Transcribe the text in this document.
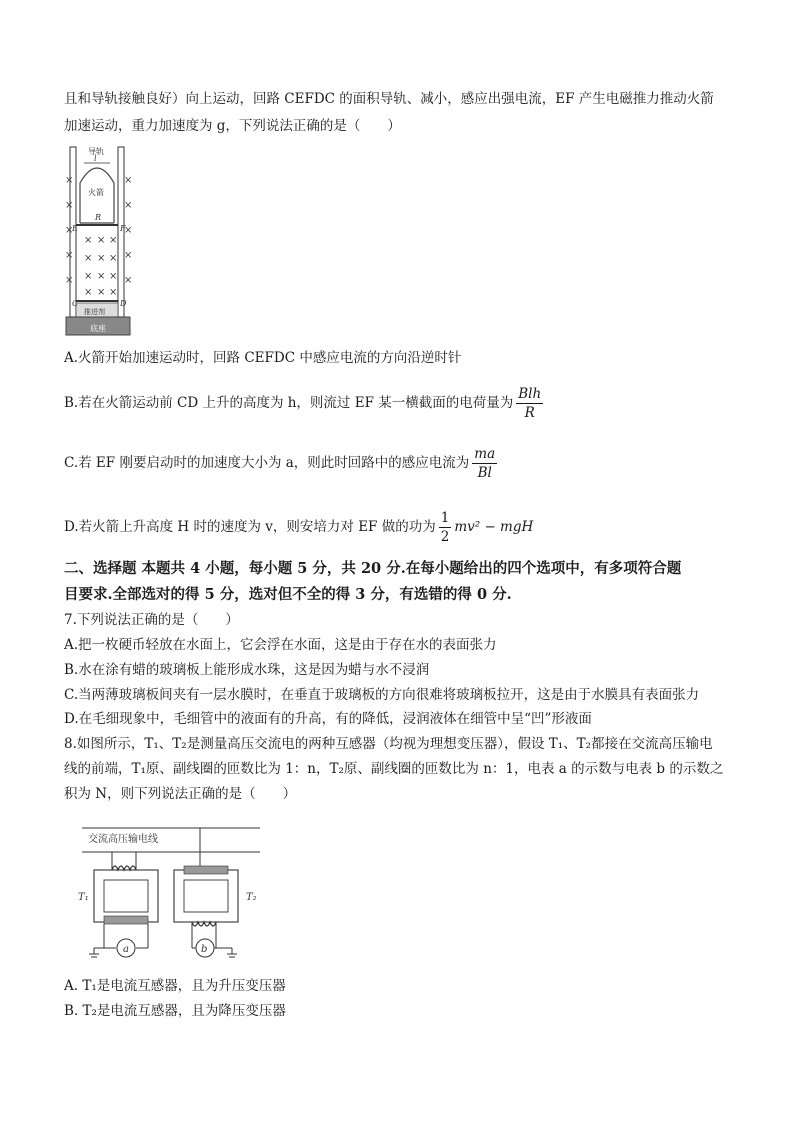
且和导轨接触良好）向上运动，回路 CEFDC 的面积导轨、减小，感应出强电流，EF 产生电磁推力推动火箭
加速运动，重力加速度为 g，下列说法正确的是（　　）
×
×
×
×
×
×
×
×
×
×
× × ×
× × ×
× × ×
× × ×
导轨
l
火箭
R
E	F
C	D
推进剂
底座
A.火箭开始加速运动时，回路 CEFDC 中感应电流的方向沿逆时针
B.若在火箭运动前 CD 上升的高度为 h，则流过 EF 某一横截面的电荷量为 $\frac{\text{Blh}}{R}$
C.若 EF 刚要启动时的加速度大小为 a，则此时回路中的感应电流为 $\frac{ma}{Bl}$
D.若火箭上升高度 H 时的速度为 v，则安培力对 EF 做的功为 $\frac{1}{2} mv^2$ − mgH
二、选择题 本题共 4 小题，每小题 5 分，共 20 分.在每小题给出的四个选项中，有多项符合题
目要求.全部选对的得 5 分，选对但不全的得 3 分，有选错的得 0 分.
7.下列说法正确的是（　　）
A.把一枚硬币轻放在水面上，它会浮在水面，这是由于存在水的表面张力
B.水在涂有蜡的玻璃板上能形成水珠，这是因为蜡与水不浸润
C.当两薄玻璃板间夹有一层水膜时，在垂直于玻璃板的方向很难将玻璃板拉开，这是由于水膜具有表面张力
D.在毛细现象中，毛细管中的液面有的升高，有的降低，浸润液体在细管中呈“凹”形液面
8.如图所示，T₁、T₂是测量高压交流电的两种互感器（均视为理想变压器），假设 T₁、T₂都接在交流高压输电
线的前端，T₁原、副线圈的匝数比为 1：n，T₂原、副线圈的匝数比为 n：1，电表 a 的示数与电表 b 的示数之
积为 N，则下列说法正确的是（　　）
交流高压输电线
a
T₁
b
T₂
A. T₁是电流互感器，且为升压变压器
B. T₂是电流互感器，且为降压变压器
